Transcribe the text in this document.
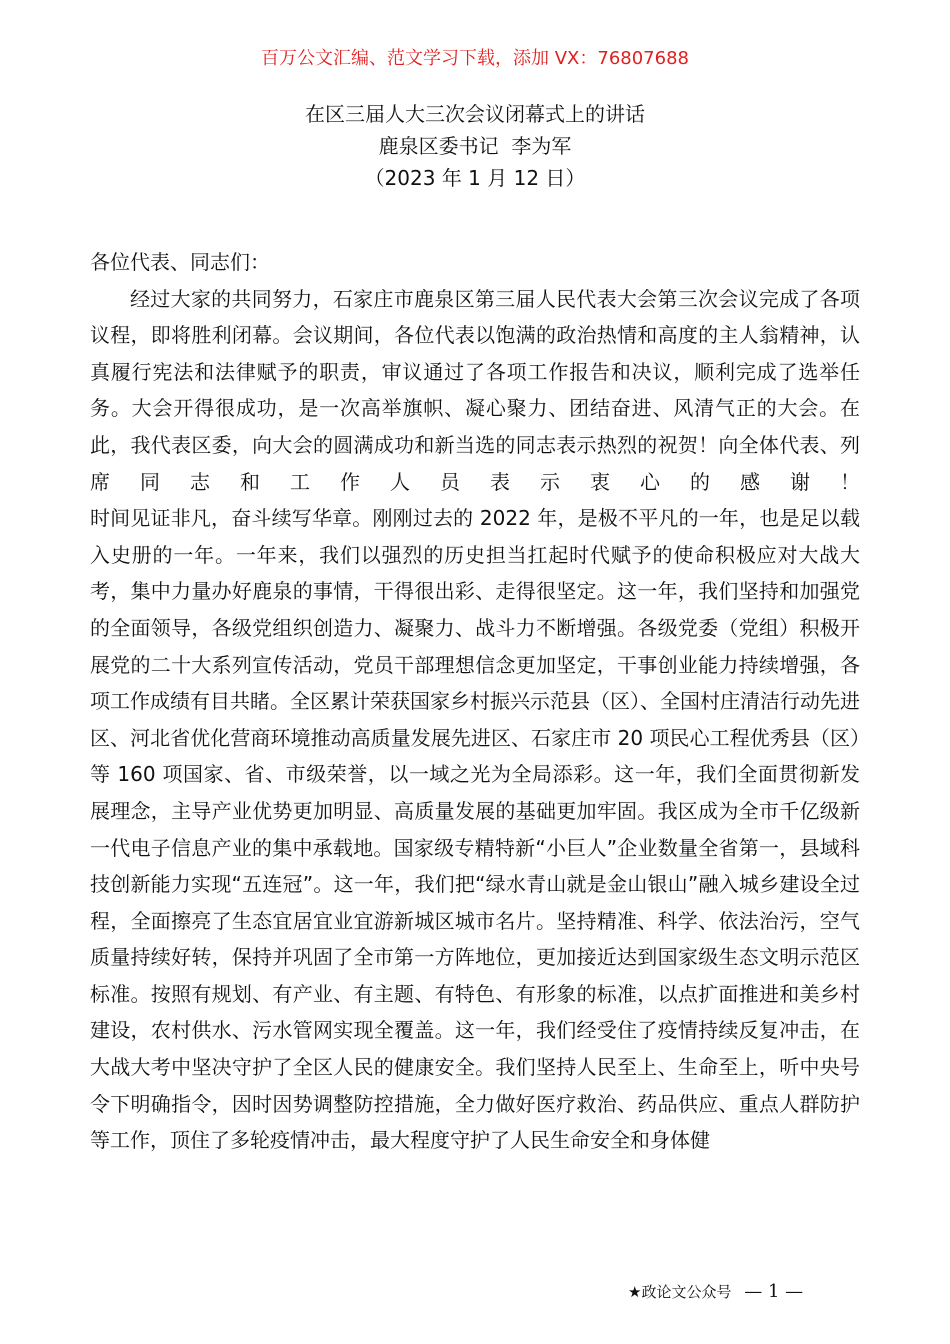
百万公文汇编、范文学习下载，添加 VX：76807688
在区三届人大三次会议闭幕式上的讲话
鹿泉区委书记  李为军
（2023 年 1 月 12 日）

各位代表、同志们：

经过大家的共同努力，石家庄市鹿泉区第三届人民代表大会第三次会议完成了各项议程，即将胜利闭幕。会议期间，各位代表以饱满的政治热情和高度的主人翁精神，认真履行宪法和法律赋予的职责，审议通过了各项工作报告和决议，顺利完成了选举任务。大会开得很成功，是一次高举旗帜、凝心聚力、团结奋进、风清气正的大会。在此，我代表区委，向大会的圆满成功和新当选的同志表示热烈的祝贺！向全体代表、列席同志和工作人员表示衷心的感谢！

时间见证非凡，奋斗续写华章。刚刚过去的 2022 年，是极不平凡的一年，也是足以载入史册的一年。一年来，我们以强烈的历史担当扛起时代赋予的使命积极应对大战大考，集中力量办好鹿泉的事情，干得很出彩、走得很坚定。这一年，我们坚持和加强党的全面领导，各级党组织创造力、凝聚力、战斗力不断增强。各级党委（党组）积极开展党的二十大系列宣传活动，党员干部理想信念更加坚定，干事创业能力持续增强，各项工作成绩有目共睹。全区累计荣获国家乡村振兴示范县（区）、全国村庄清洁行动先进区、河北省优化营商环境推动高质量发展先进区、石家庄市 20 项民心工程优秀县（区）等 160 项国家、省、市级荣誉，以一域之光为全局添彩。这一年，我们全面贯彻新发展理念，主导产业优势更加明显、高质量发展的基础更加牢固。我区成为全市千亿级新一代电子信息产业的集中承载地。国家级专精特新“小巨人”企业数量全省第一，县域科技创新能力实现“五连冠”。这一年，我们把“绿水青山就是金山银山”融入城乡建设全过程，全面擦亮了生态宜居宜业宜游新城区城市名片。坚持精准、科学、依法治污，空气质量持续好转，保持并巩固了全市第一方阵地位，更加接近达到国家级生态文明示范区标准。按照有规划、有产业、有主题、有特色、有形象的标准，以点扩面推进和美乡村建设，农村供水、污水管网实现全覆盖。这一年，我们经受住了疫情持续反复冲击，在大战大考中坚决守护了全区人民的健康安全。我们坚持人民至上、生命至上，听中央号令下明确指令，因时因势调整防控措施，全力做好医疗救治、药品供应、重点人群防护等工作，顶住了多轮疫情冲击，最大程度守护了人民生命安全和身体健

★政论文公众号 — 1 —
